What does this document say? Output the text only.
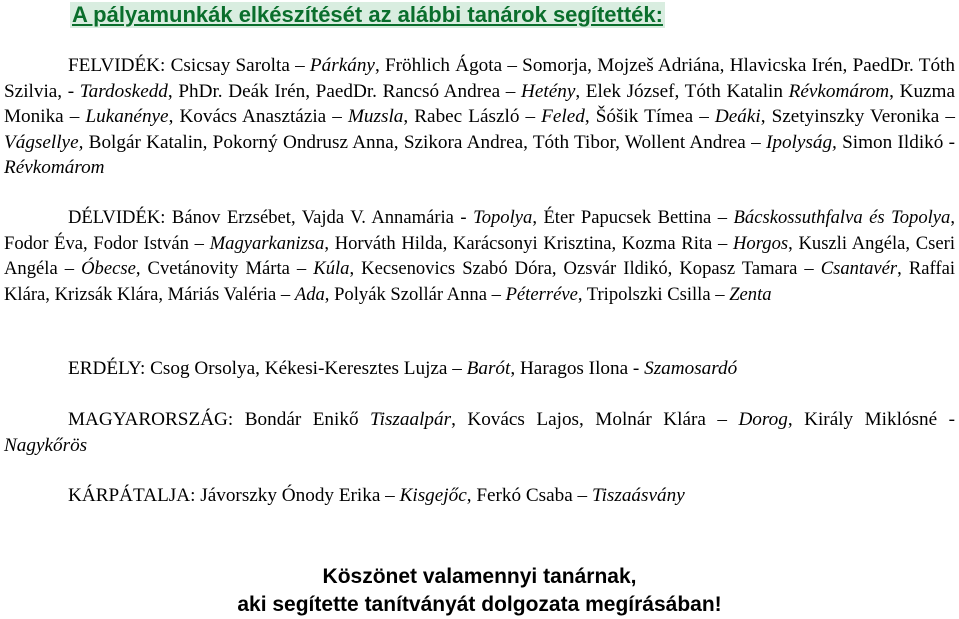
A pályamunkák elkészítését az alábbi tanárok segítették:

FELVIDÉK: Csicsay Sarolta – Párkány, Fröhlich Ágota – Somorja, Mojzeš Adriána, Hlavicska Irén, PaedDr. Tóth Szilvia, - Tardoskedd, PhDr. Deák Irén, PaedDr. Rancsó Andrea – Hetény, Elek József, Tóth Katalin Révkomárom, Kuzma Monika – Lukanénye, Kovács Anasztázia – Muzsla, Rabec László – Feled, Šóšik Tímea – Deáki, Szetyinszky Veronika – Vágsellye, Bolgár Katalin, Pokorný Ondrusz Anna, Szikora Andrea, Tóth Tibor, Wollent Andrea – Ipolyság, Simon Ildikó - Révkomárom

DÉLVIDÉK: Bánov Erzsébet, Vajda V. Annamária - Topolya, Éter Papucsek Bettina – Bácskossuthfalva és Topolya, Fodor Éva, Fodor István – Magyarkanizsa, Horváth Hilda, Karácsonyi Krisztina, Kozma Rita – Horgos, Kuszli Angéla, Cseri Angéla – Óbecse, Cvetánovity Márta – Kúla, Kecsenovics Szabó Dóra, Ozsvár Ildikó, Kopasz Tamara – Csantavér, Raffai Klára, Krizsák Klára, Máriás Valéria – Ada, Polyák Szollár Anna – Péterréve, Tripolszki Csilla – Zenta

ERDÉLY: Csog Orsolya, Kékesi-Keresztes Lujza – Barót, Haragos Ilona - Szamosardó

MAGYARORSZÁG: Bondár Enikő Tiszaalpár, Kovács Lajos, Molnár Klára – Dorog, Király Miklósné - Nagykőrös

KÁRPÁTALJA: Jávorszky Ónody Erika – Kisgejőc, Ferkó Csaba – Tiszaásvány

Köszönet valamennyi tanárnak,
aki segítette tanítványát dolgozata megírásában!
